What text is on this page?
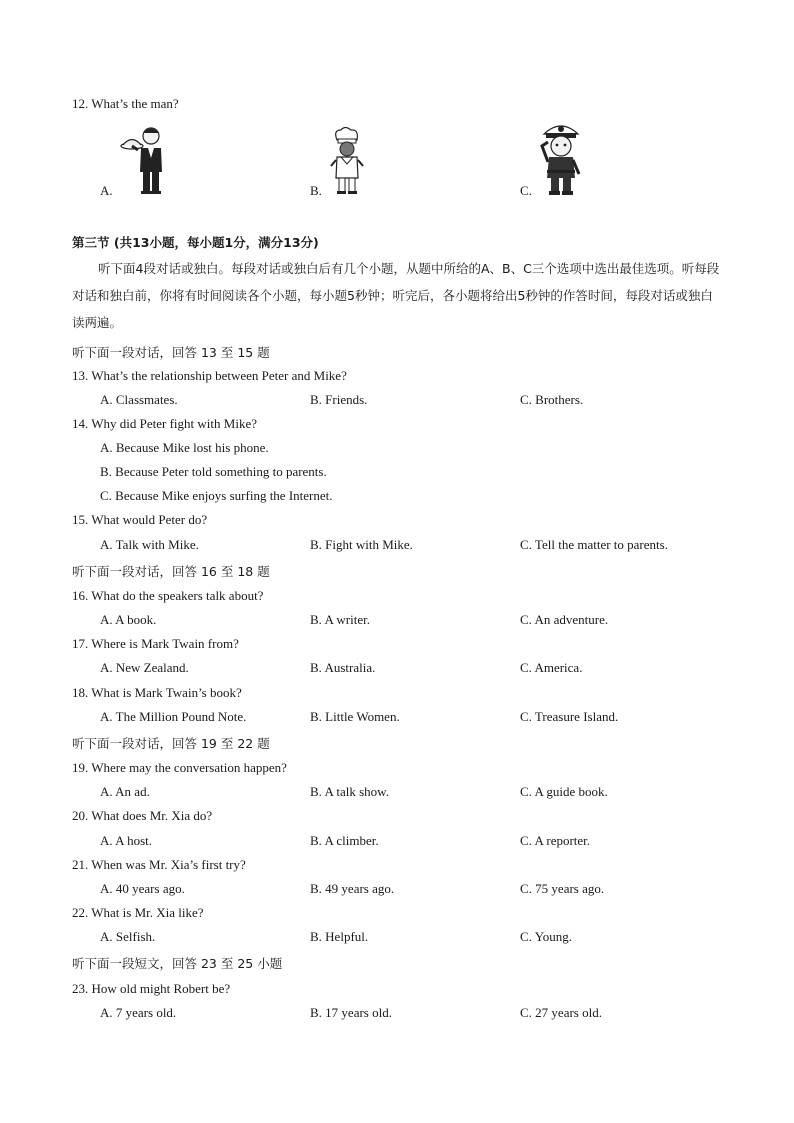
12. What’s the man?
A.	B.	C.
第三节 (共13小题，每小题1分，满分13分)
听下面4段对话或独白。每段对话或独白后有几个小题，从题中所给的A、B、C三个选项中选出最佳选项。听每段对话和独白前，你将有时间阅读各个小题，每小题5秒钟；听完后，各小题将给出5秒钟的作答时间，每段对话或独白读两遍。
听下面一段对话，回答 13 至 15 题
13. What’s the relationship between Peter and Mike?
A. Classmates.	B. Friends.	C. Brothers.
14. Why did Peter fight with Mike?
A. Because Mike lost his phone.
B. Because Peter told something to parents.
C. Because Mike enjoys surfing the Internet.
15. What would Peter do?
A. Talk with Mike.	B. Fight with Mike.	C. Tell the matter to parents.
听下面一段对话，回答 16 至 18 题
16. What do the speakers talk about?
A. A book.	B. A writer.	C. An adventure.
17. Where is Mark Twain from?
A. New Zealand.	B. Australia.	C. America.
18. What is Mark Twain’s book?
A. The Million Pound Note.	B. Little Women.	C. Treasure Island.
听下面一段对话，回答 19 至 22 题
19. Where may the conversation happen?
A. An ad.	B. A talk show.	C. A guide book.
20. What does Mr. Xia do?
A. A host.	B. A climber.	C. A reporter.
21. When was Mr. Xia’s first try?
A. 40 years ago.	B. 49 years ago.	C. 75 years ago.
22. What is Mr. Xia like?
A. Selfish.	B. Helpful.	C. Young.
听下面一段短文，回答 23 至 25 小题
23. How old might Robert be?
A. 7 years old.	B. 17 years old.	C. 27 years old.
